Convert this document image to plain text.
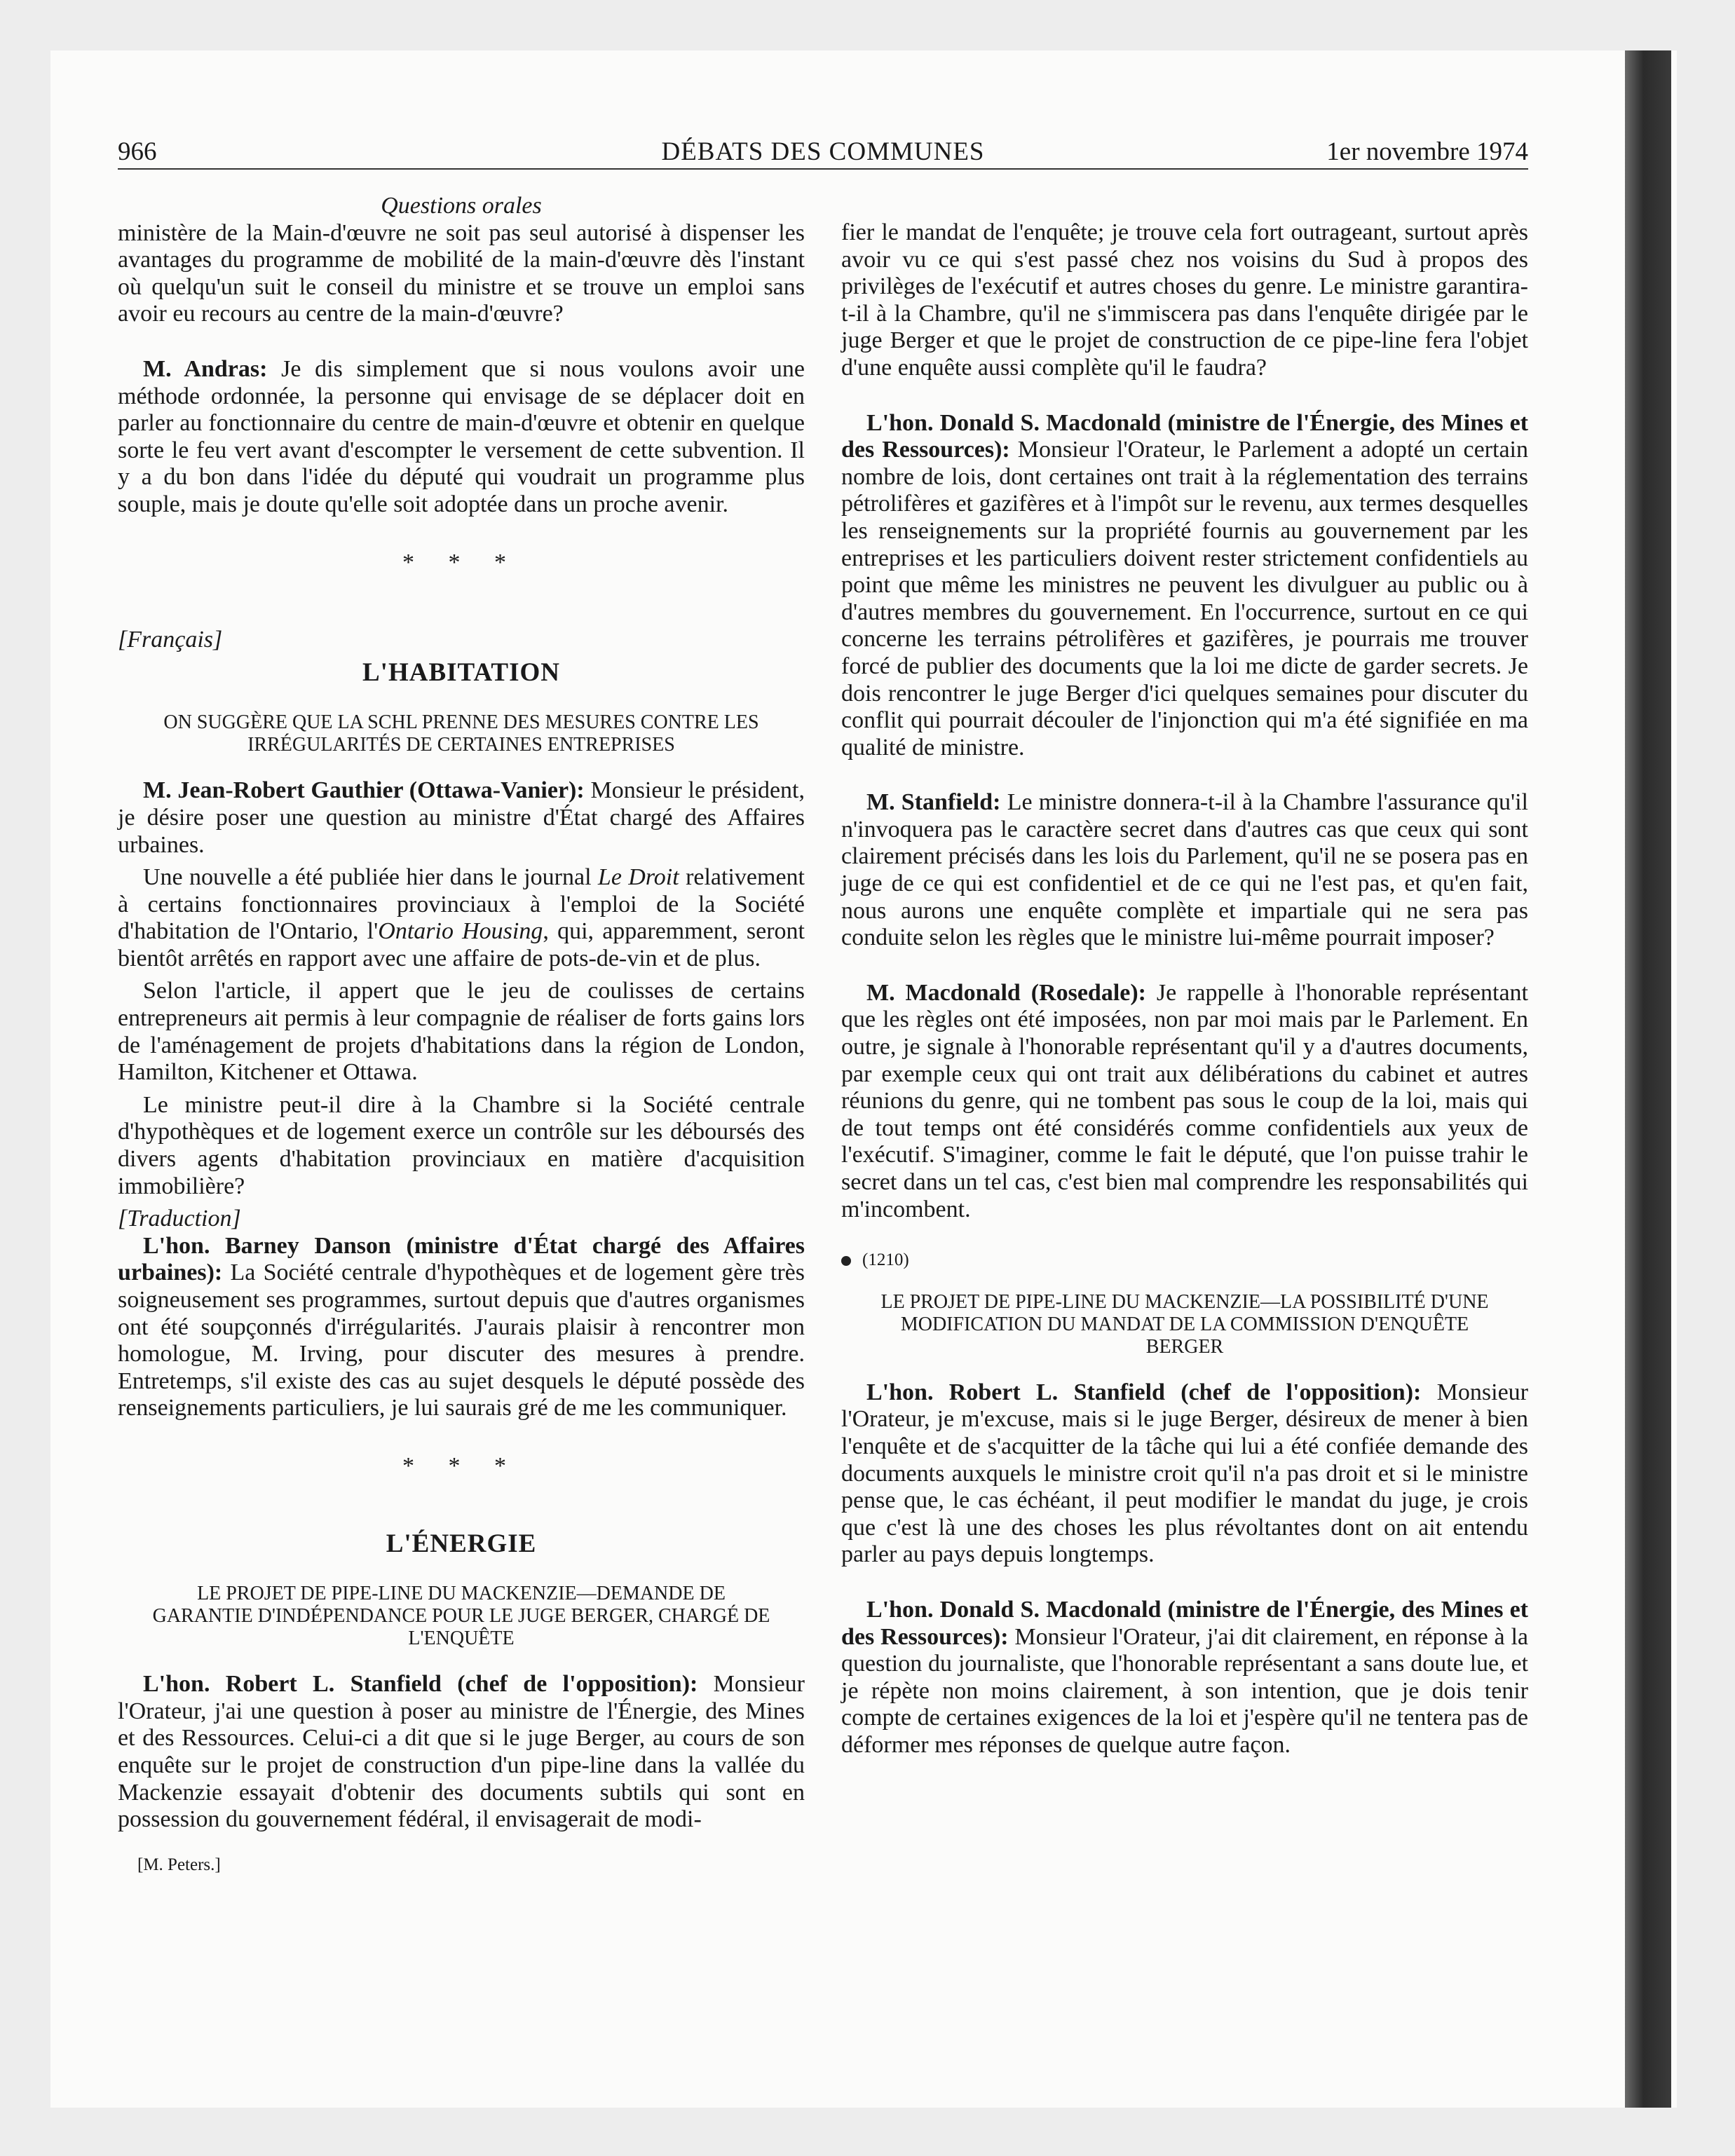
966	DÉBATS DES COMMUNES	1er novembre 1974

Questions orales

ministère de la Main-d'œuvre ne soit pas seul autorisé à dispenser les avantages du programme de mobilité de la main-d'œuvre dès l'instant où quelqu'un suit le conseil du ministre et se trouve un emploi sans avoir eu recours au centre de la main-d'œuvre?

M. Andras: Je dis simplement que si nous voulons avoir une méthode ordonnée, la personne qui envisage de se déplacer doit en parler au fonctionnaire du centre de main-d'œuvre et obtenir en quelque sorte le feu vert avant d'escompter le versement de cette subvention. Il y a du bon dans l'idée du député qui voudrait un programme plus souple, mais je doute qu'elle soit adoptée dans un proche avenir.

* * *

[Français]

L'HABITATION

ON SUGGÈRE QUE LA SCHL PRENNE DES MESURES CONTRE LES IRRÉGULARITÉS DE CERTAINES ENTREPRISES

M. Jean-Robert Gauthier (Ottawa-Vanier): Monsieur le président, je désire poser une question au ministre d'État chargé des Affaires urbaines.

Une nouvelle a été publiée hier dans le journal Le Droit relativement à certains fonctionnaires provinciaux à l'emploi de la Société d'habitation de l'Ontario, l'Ontario Housing, qui, apparemment, seront bientôt arrêtés en rapport avec une affaire de pots-de-vin et de plus.

Selon l'article, il appert que le jeu de coulisses de certains entrepreneurs ait permis à leur compagnie de réaliser de forts gains lors de l'aménagement de projets d'habitations dans la région de London, Hamilton, Kitchener et Ottawa.

Le ministre peut-il dire à la Chambre si la Société centrale d'hypothèques et de logement exerce un contrôle sur les déboursés des divers agents d'habitation provinciaux en matière d'acquisition immobilière?

[Traduction]

L'hon. Barney Danson (ministre d'État chargé des Affaires urbaines): La Société centrale d'hypothèques et de logement gère très soigneusement ses programmes, surtout depuis que d'autres organismes ont été soupçonnés d'irrégularités. J'aurais plaisir à rencontrer mon homologue, M. Irving, pour discuter des mesures à prendre. Entretemps, s'il existe des cas au sujet desquels le député possède des renseignements particuliers, je lui saurais gré de me les communiquer.

* * *

L'ÉNERGIE

LE PROJET DE PIPE-LINE DU MACKENZIE—DEMANDE DE GARANTIE D'INDÉPENDANCE POUR LE JUGE BERGER, CHARGÉ DE L'ENQUÊTE

L'hon. Robert L. Stanfield (chef de l'opposition): Monsieur l'Orateur, j'ai une question à poser au ministre de l'Énergie, des Mines et des Ressources. Celui-ci a dit que si le juge Berger, au cours de son enquête sur le projet de construction d'un pipe-line dans la vallée du Mackenzie essayait d'obtenir des documents subtils qui sont en possession du gouvernement fédéral, il envisagerait de modi-

[M. Peters.]

fier le mandat de l'enquête; je trouve cela fort outrageant, surtout après avoir vu ce qui s'est passé chez nos voisins du Sud à propos des privilèges de l'exécutif et autres choses du genre. Le ministre garantira-t-il à la Chambre, qu'il ne s'immiscera pas dans l'enquête dirigée par le juge Berger et que le projet de construction de ce pipe-line fera l'objet d'une enquête aussi complète qu'il le faudra?

L'hon. Donald S. Macdonald (ministre de l'Énergie, des Mines et des Ressources): Monsieur l'Orateur, le Parlement a adopté un certain nombre de lois, dont certaines ont trait à la réglementation des terrains pétrolifères et gazifères et à l'impôt sur le revenu, aux termes desquelles les renseignements sur la propriété fournis au gouvernement par les entreprises et les particuliers doivent rester strictement confidentiels au point que même les ministres ne peuvent les divulguer au public ou à d'autres membres du gouvernement. En l'occurrence, surtout en ce qui concerne les terrains pétrolifères et gazifères, je pourrais me trouver forcé de publier des documents que la loi me dicte de garder secrets. Je dois rencontrer le juge Berger d'ici quelques semaines pour discuter du conflit qui pourrait découler de l'injonction qui m'a été signifiée en ma qualité de ministre.

M. Stanfield: Le ministre donnera-t-il à la Chambre l'assurance qu'il n'invoquera pas le caractère secret dans d'autres cas que ceux qui sont clairement précisés dans les lois du Parlement, qu'il ne se posera pas en juge de ce qui est confidentiel et de ce qui ne l'est pas, et qu'en fait, nous aurons une enquête complète et impartiale qui ne sera pas conduite selon les règles que le ministre lui-même pourrait imposer?

M. Macdonald (Rosedale): Je rappelle à l'honorable représentant que les règles ont été imposées, non par moi mais par le Parlement. En outre, je signale à l'honorable représentant qu'il y a d'autres documents, par exemple ceux qui ont trait aux délibérations du cabinet et autres réunions du genre, qui ne tombent pas sous le coup de la loi, mais qui de tout temps ont été considérés comme confidentiels aux yeux de l'exécutif. S'imaginer, comme le fait le député, que l'on puisse trahir le secret dans un tel cas, c'est bien mal comprendre les responsabilités qui m'incombent.

(1210)

LE PROJET DE PIPE-LINE DU MACKENZIE—LA POSSIBILITÉ D'UNE MODIFICATION DU MANDAT DE LA COMMISSION D'ENQUÊTE BERGER

L'hon. Robert L. Stanfield (chef de l'opposition): Monsieur l'Orateur, je m'excuse, mais si le juge Berger, désireux de mener à bien l'enquête et de s'acquitter de la tâche qui lui a été confiée demande des documents auxquels le ministre croit qu'il n'a pas droit et si le ministre pense que, le cas échéant, il peut modifier le mandat du juge, je crois que c'est là une des choses les plus révoltantes dont on ait entendu parler au pays depuis longtemps.

L'hon. Donald S. Macdonald (ministre de l'Énergie, des Mines et des Ressources): Monsieur l'Orateur, j'ai dit clairement, en réponse à la question du journaliste, que l'honorable représentant a sans doute lue, et je répète non moins clairement, à son intention, que je dois tenir compte de certaines exigences de la loi et j'espère qu'il ne tentera pas de déformer mes réponses de quelque autre façon.
